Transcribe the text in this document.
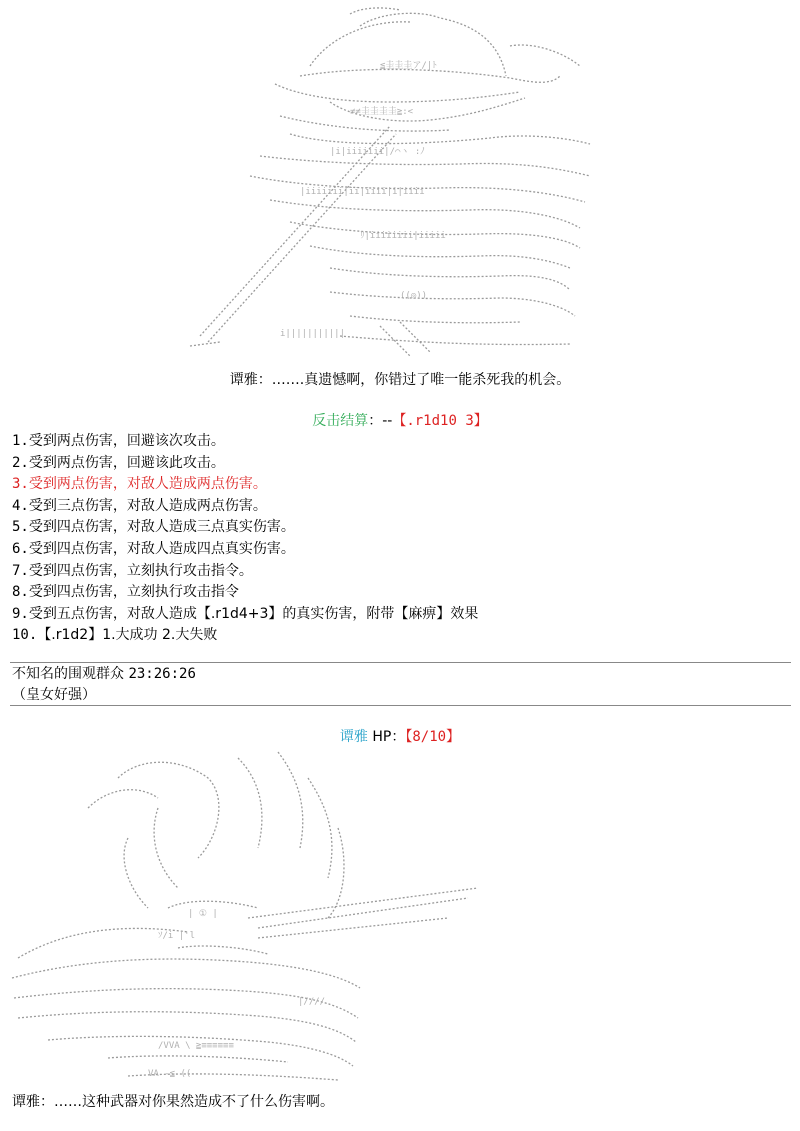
≦圭圭圭ア/|ﾄ
≠≠圭圭圭圭≧:<
|i|iiiiiii|/⌒ヽ :ﾉ
|iiiiiii|ii|iiii|i|iiii
ﾘ|iiiiiiii|iiiii
((◎))
i|||||||||||
谭雅：…….真遗憾啊，你错过了唯一能杀死我的机会。
反击结算：--【.r1d10 3】
1.受到两点伤害，回避该次攻击。
2.受到两点伤害，回避该此攻击。
3.受到两点伤害，对敌人造成两点伤害。
4.受到三点伤害，对敌人造成两点伤害。
5.受到四点伤害，对敌人造成三点真实伤害。
6.受到四点伤害，对敌人造成四点真实伤害。
7.受到四点伤害，立刻执行攻击指令。
8.受到四点伤害，立刻执行攻击指令
9.受到五点伤害，对敌人造成【.r1d4+3】的真实伤害，附带【麻痹】效果
10.【.r1d2】1.大成功 2.大失败
不知名的围观群众 23:26:26
（皇女好强）
谭雅 HP：【8/10】
| ① |
ｿ/i |'l
|////
/VVA \ ≧≡≡≡≡≡≡
VA -≦ ((
谭雅：……这种武器对你果然造成不了什么伤害啊。
